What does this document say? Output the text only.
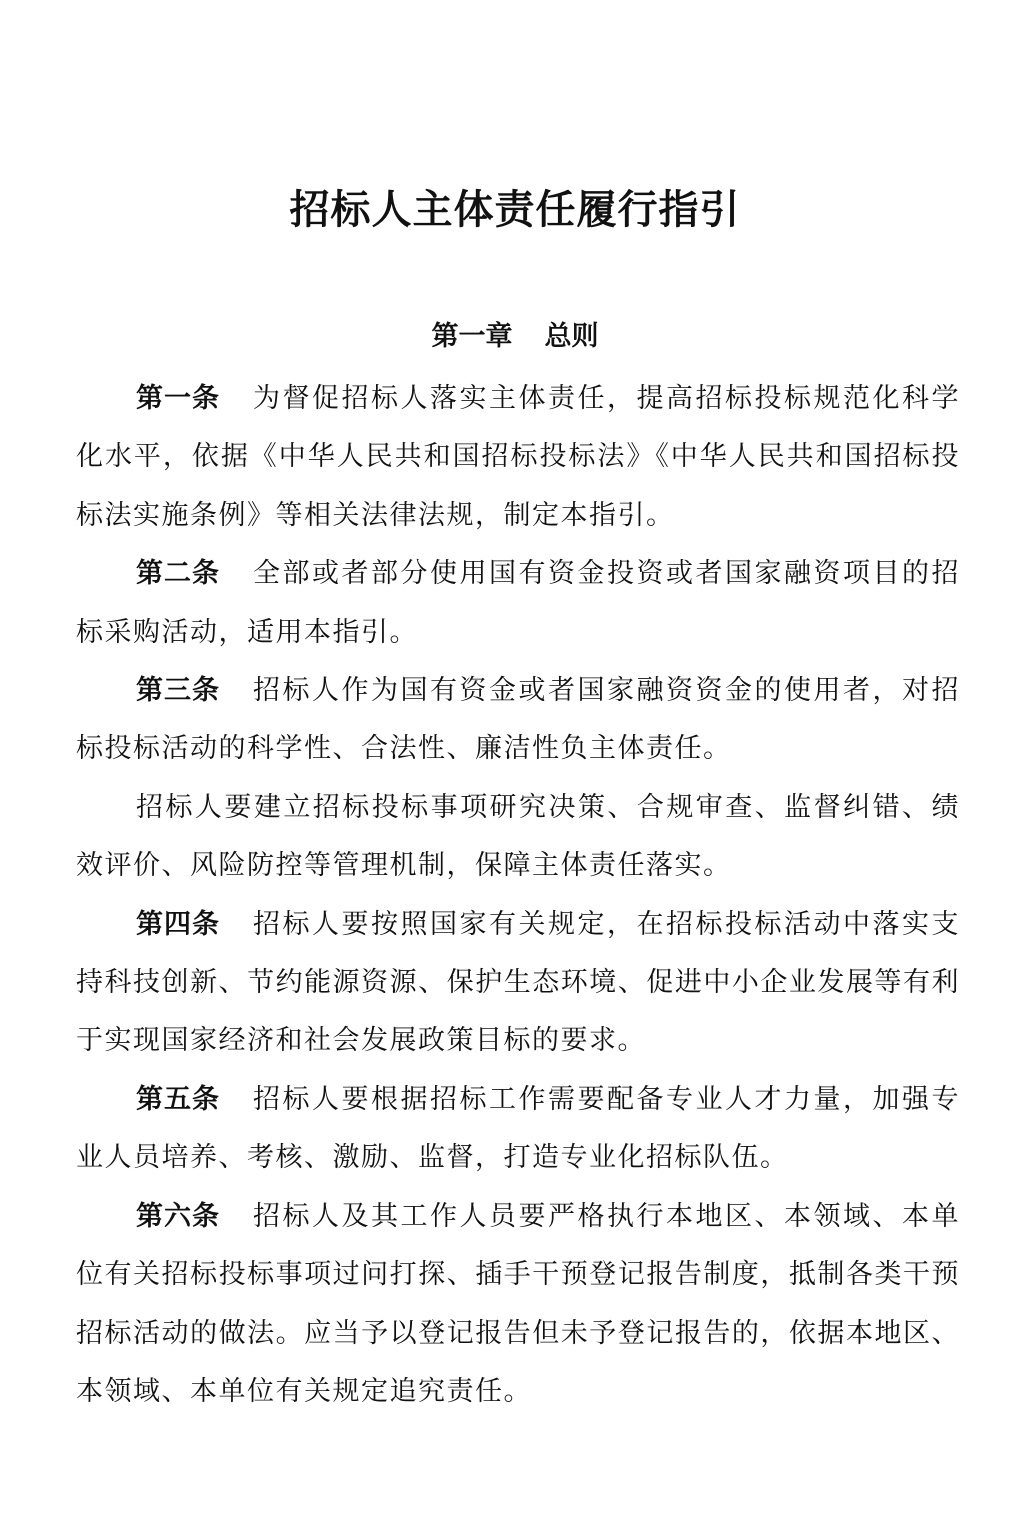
招标人主体责任履行指引
第一章 总则

第一条 为督促招标人落实主体责任，提高招标投标规范化科学化水平，依据《中华人民共和国招标投标法》《中华人民共和国招标投标法实施条例》等相关法律法规，制定本指引。

第二条 全部或者部分使用国有资金投资或者国家融资项目的招标采购活动，适用本指引。

第三条 招标人作为国有资金或者国家融资资金的使用者，对招标投标活动的科学性、合法性、廉洁性负主体责任。

招标人要建立招标投标事项研究决策、合规审查、监督纠错、绩效评价、风险防控等管理机制，保障主体责任落实。

第四条 招标人要按照国家有关规定，在招标投标活动中落实支持科技创新、节约能源资源、保护生态环境、促进中小企业发展等有利于实现国家经济和社会发展政策目标的要求。

第五条 招标人要根据招标工作需要配备专业人才力量，加强专业人员培养、考核、激励、监督，打造专业化招标队伍。

第六条 招标人及其工作人员要严格执行本地区、本领域、本单位有关招标投标事项过问打探、插手干预登记报告制度，抵制各类干预招标活动的做法。应当予以登记报告但未予登记报告的，依据本地区、本领域、本单位有关规定追究责任。
